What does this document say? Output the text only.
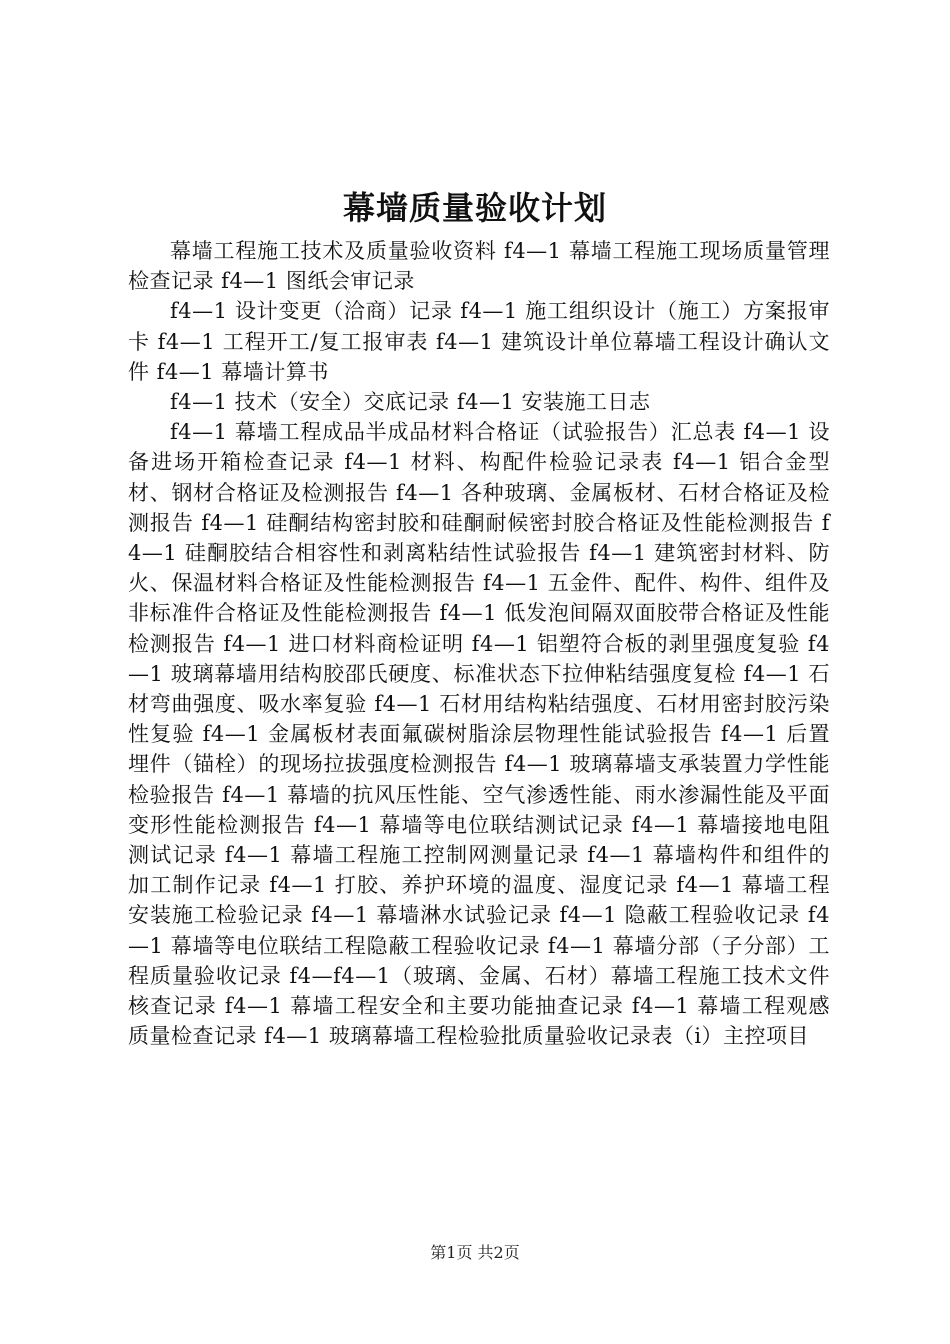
幕墙质量验收计划

幕墙工程施工技术及质量验收资料 f4—1 幕墙工程施工现场质量管理检查记录 f4—1 图纸会审记录

f4—1 设计变更（洽商）记录 f4—1 施工组织设计（施工）方案报审卡 f4—1 工程开工/复工报审表 f4—1 建筑设计单位幕墙工程设计确认文件 f4—1 幕墙计算书

f4—1 技术（安全）交底记录 f4—1 安装施工日志

f4—1 幕墙工程成品半成品材料合格证（试验报告）汇总表 f4—1 设备进场开箱检查记录 f4—1 材料、构配件检验记录表 f4—1 铝合金型材、钢材合格证及检测报告 f4—1 各种玻璃、金属板材、石材合格证及检测报告 f4—1 硅酮结构密封胶和硅酮耐候密封胶合格证及性能检测报告 f4—1 硅酮胶结合相容性和剥离粘结性试验报告 f4—1 建筑密封材料、防火、保温材料合格证及性能检测报告 f4—1 五金件、配件、构件、组件及非标准件合格证及性能检测报告 f4—1 低发泡间隔双面胶带合格证及性能检测报告 f4—1 进口材料商检证明 f4—1 铝塑符合板的剥里强度复验 f4—1 玻璃幕墙用结构胶邵氏硬度、标准状态下拉伸粘结强度复检 f4—1 石材弯曲强度、吸水率复验 f4—1 石材用结构粘结强度、石材用密封胶污染性复验 f4—1 金属板材表面氟碳树脂涂层物理性能试验报告 f4—1 后置埋件（锚栓）的现场拉拔强度检测报告 f4—1 玻璃幕墙支承装置力学性能检验报告 f4—1 幕墙的抗风压性能、空气渗透性能、雨水渗漏性能及平面变形性能检测报告 f4—1 幕墙等电位联结测试记录 f4—1 幕墙接地电阻测试记录 f4—1 幕墙工程施工控制网测量记录 f4—1 幕墙构件和组件的加工制作记录 f4—1 打胶、养护环境的温度、湿度记录 f4—1 幕墙工程安装施工检验记录 f4—1 幕墙淋水试验记录 f4—1 隐蔽工程验收记录 f4—1 幕墙等电位联结工程隐蔽工程验收记录 f4—1 幕墙分部（子分部）工程质量验收记录 f4—f4—1（玻璃、金属、石材）幕墙工程施工技术文件核查记录 f4—1 幕墙工程安全和主要功能抽查记录 f4—1 幕墙工程观感质量检查记录 f4—1 玻璃幕墙工程检验批质量验收记录表（i）主控项目

第1页 共2页
